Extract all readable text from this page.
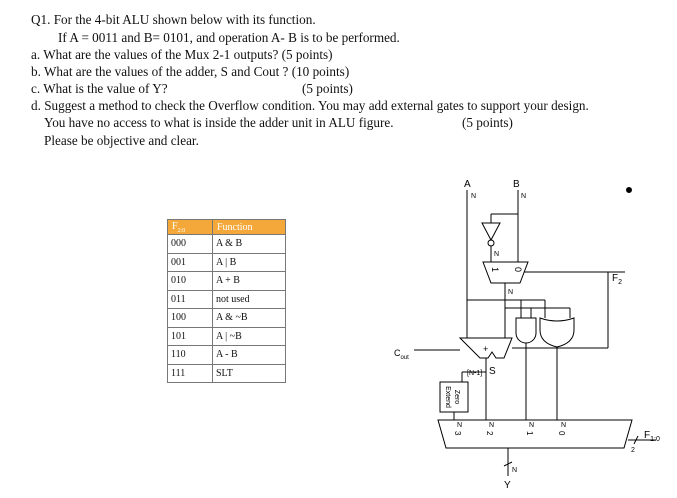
Q1. For the 4-bit ALU shown below with its function.
If A = 0011 and B= 0101, and operation A- B is to be performed.
a. What are the values of the Mux 2-1 outputs? (5 points)
b. What are the values of the adder, S and Cout ? (10 points)
c. What is the value of Y?	(5 points)
d. Suggest a method to check the Overflow condition. You may add external gates to support your design.
You have no access to what is inside the adder unit in ALU figure.	(5 points)
Please be objective and clear.
$F_{2:0}$	Function
000	A & B
001	A | B
010	A + B
011	not used
100	A & ~B
101	A | ~B
110	A - B
111	SLT
A	B
N	N
N
1 0
$F_2$
N
+
$C_{out}$
[N-1] S
Zero
Extend
3	2	1	0
N	N	N	N
2
$F_{1:0}$
N
Y
